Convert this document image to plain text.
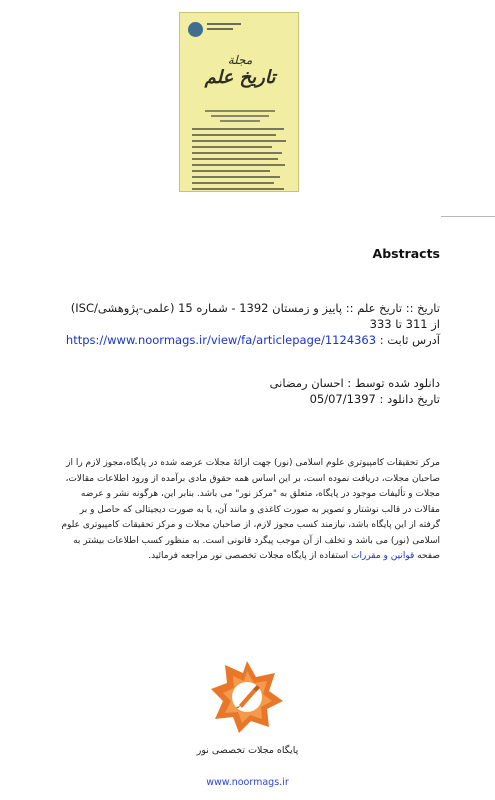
مجلة
تاريخ علم
Abstracts
تاریخ :: تاریخ علم :: پاییز و زمستان 1392 - شماره 15 (علمی-پژوهشی/ISC)
از 311 تا 333
آدرس ثابت : https://www.noormags.ir/view/fa/articlepage/1124363
دانلود شده توسط : احسان رمضانی
تاریخ دانلود : 05/07/1397
مرکز تحقیقات کامپیوتری علوم اسلامی (نور) جهت ارائهٔ مجلات عرضه شده در پایگاه،مجوز لازم را از صاحبان مجلات، دریافت نموده است، بر این اساس همه حقوق مادی برآمده از ورود اطلاعات مقالات، مجلات و تألیفات موجود در پایگاه، متعلق به "مرکز نور" می باشد. بنابر این، هرگونه نشر و عرضه مقالات در قالب نوشتار و تصویر به صورت کاغذی و مانند آن، یا به صورت دیجیتالی که حاصل و بر گرفته از این پایگاه باشد، نیازمند کسب مجوز لازم، از صاحبان مجلات و مرکز تحقیقات کامپیوتری علوم اسلامی (نور) می باشد و تخلف از آن موجب پیگرد قانونی است. به منظور کسب اطلاعات بیشتر به صفحه قوانین و مقررات استفاده از پایگاه مجلات تخصصی نور مراجعه فرمائید.
پایگاه مجلات تخصصی نور
www.noormags.ir
